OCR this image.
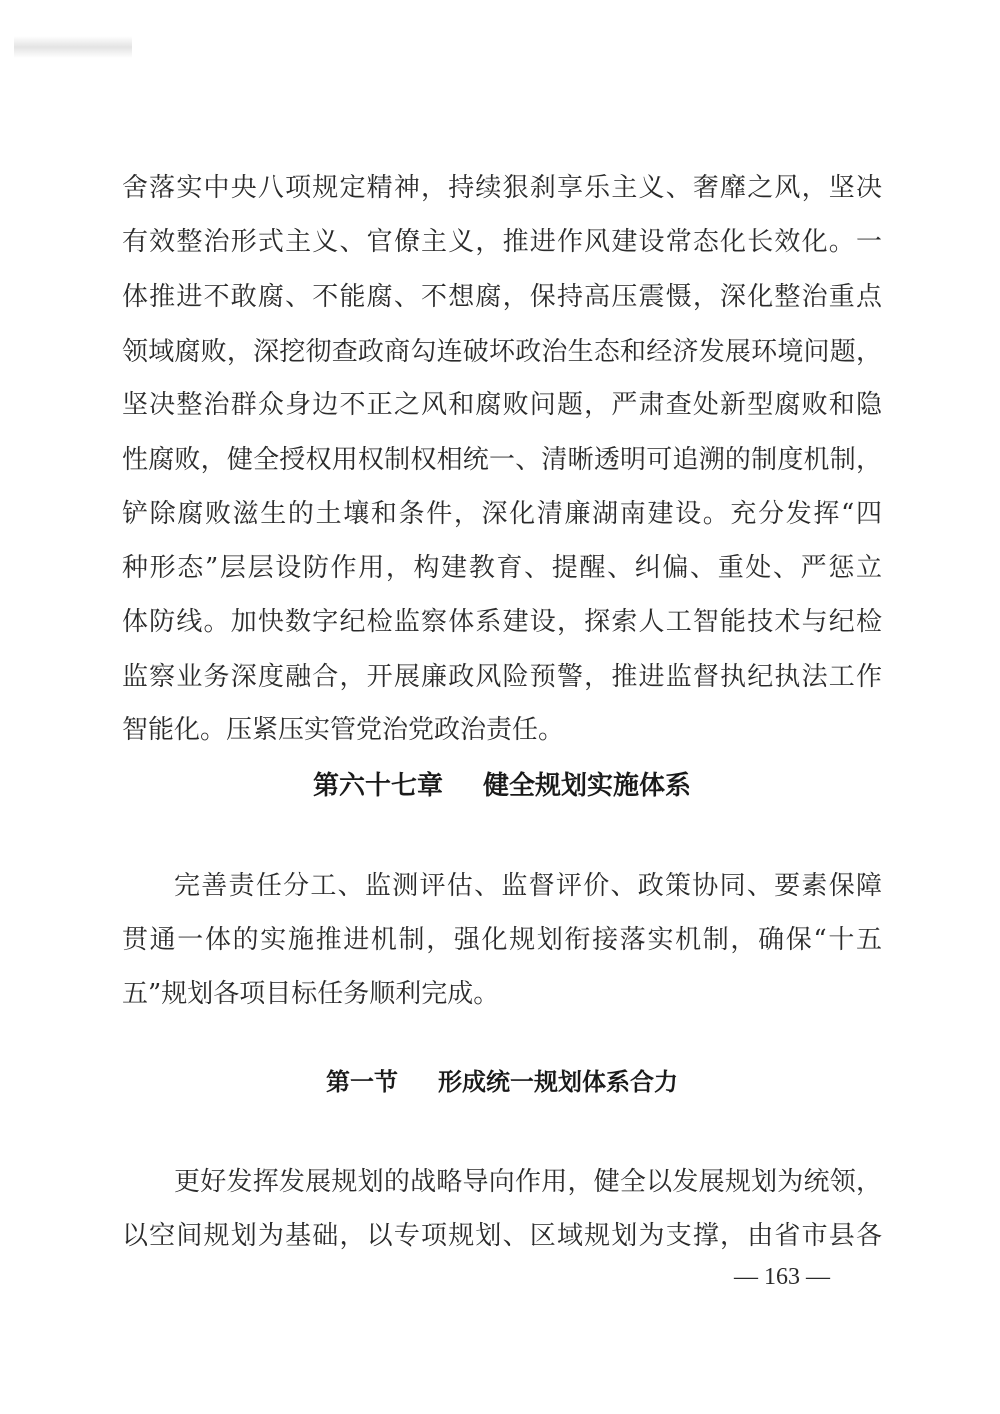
舍落实中央八项规定精神，持续狠刹享乐主义、奢靡之风，坚决
有效整治形式主义、官僚主义，推进作风建设常态化长效化。一
体推进不敢腐、不能腐、不想腐，保持高压震慑，深化整治重点
领域腐败，深挖彻查政商勾连破坏政治生态和经济发展环境问题，
坚决整治群众身边不正之风和腐败问题，严肃查处新型腐败和隐
性腐败，健全授权用权制权相统一、清晰透明可追溯的制度机制，
铲除腐败滋生的土壤和条件，深化清廉湖南建设。充分发挥“四
种形态”层层设防作用，构建教育、提醒、纠偏、重处、严惩立
体防线。加快数字纪检监察体系建设，探索人工智能技术与纪检
监察业务深度融合，开展廉政风险预警，推进监督执纪执法工作
智能化。压紧压实管党治党政治责任。
第六十七章 健全规划实施体系
完善责任分工、监测评估、监督评价、政策协同、要素保障
贯通一体的实施推进机制，强化规划衔接落实机制，确保“十五
五”规划各项目标任务顺利完成。
第一节 形成统一规划体系合力
更好发挥发展规划的战略导向作用，健全以发展规划为统领，
以空间规划为基础，以专项规划、区域规划为支撑，由省市县各
— 163 —
